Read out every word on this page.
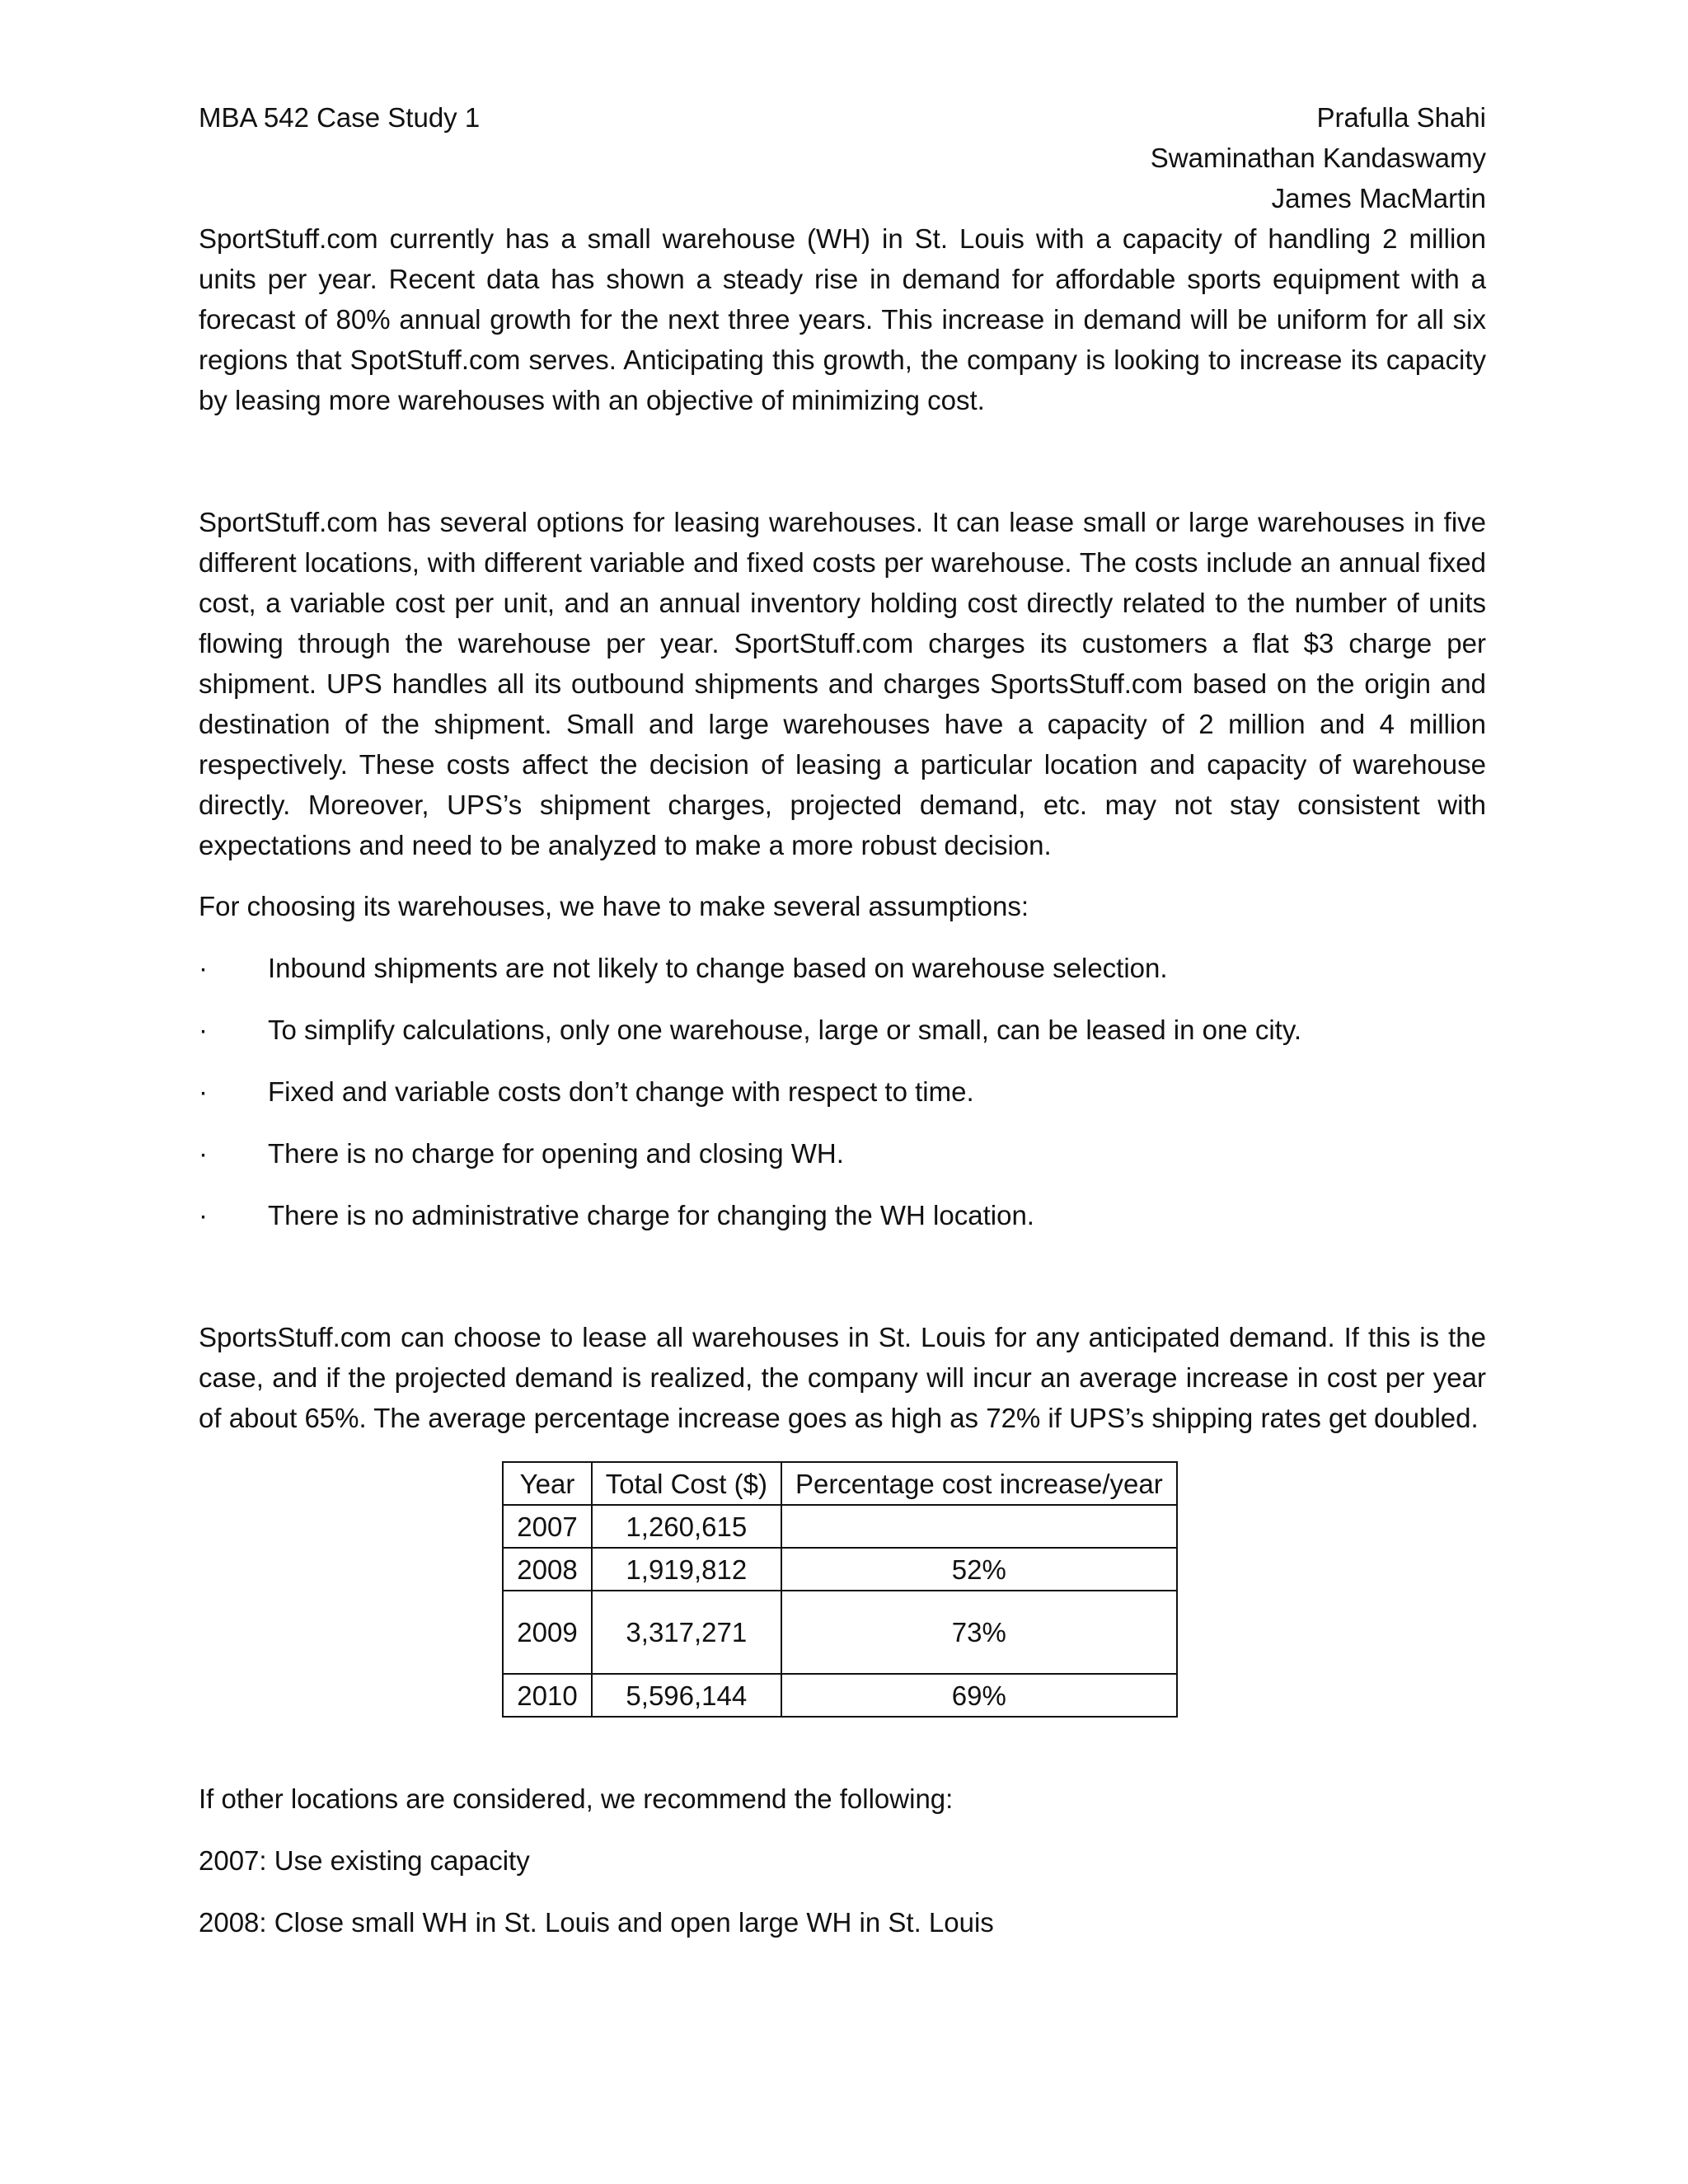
MBA 542 Case Study 1	Prafulla Shahi
Swaminathan Kandaswamy
James MacMartin

SportStuff.com currently has a small warehouse (WH) in St. Louis with a capacity of handling 2 million units per year. Recent data has shown a steady rise in demand for affordable sports equipment with a forecast of 80% annual growth for the next three years. This increase in demand will be uniform for all six regions that SpotStuff.com serves. Anticipating this growth, the company is looking to increase its capacity by leasing more warehouses with an objective of minimizing cost.

SportStuff.com has several options for leasing warehouses. It can lease small or large warehouses in five different locations, with different variable and fixed costs per warehouse. The costs include an annual fixed cost, a variable cost per unit, and an annual inventory holding cost directly related to the number of units flowing through the warehouse per year. SportStuff.com charges its customers a flat $3 charge per shipment. UPS handles all its outbound shipments and charges SportsStuff.com based on the origin and destination of the shipment. Small and large warehouses have a capacity of 2 million and 4 million respectively. These costs affect the decision of leasing a particular location and capacity of warehouse directly. Moreover, UPS’s shipment charges, projected demand, etc. may not stay consistent with expectations and need to be analyzed to make a more robust decision.

For choosing its warehouses, we have to make several assumptions:

·	Inbound shipments are not likely to change based on warehouse selection.
·	To simplify calculations, only one warehouse, large or small, can be leased in one city.
·	Fixed and variable costs don’t change with respect to time.
·	There is no charge for opening and closing WH.
·	There is no administrative charge for changing the WH location.

SportsStuff.com can choose to lease all warehouses in St. Louis for any anticipated demand. If this is the case, and if the projected demand is realized, the company will incur an average increase in cost per year of about 65%. The average percentage increase goes as high as 72% if UPS’s shipping rates get doubled.

Year	Total Cost ($)	Percentage cost increase/year
2007	1,260,615	
2008	1,919,812	52%
2009	3,317,271	73%
2010	5,596,144	69%

If other locations are considered, we recommend the following:

2007: Use existing capacity

2008: Close small WH in St. Louis and open large WH in St. Louis
